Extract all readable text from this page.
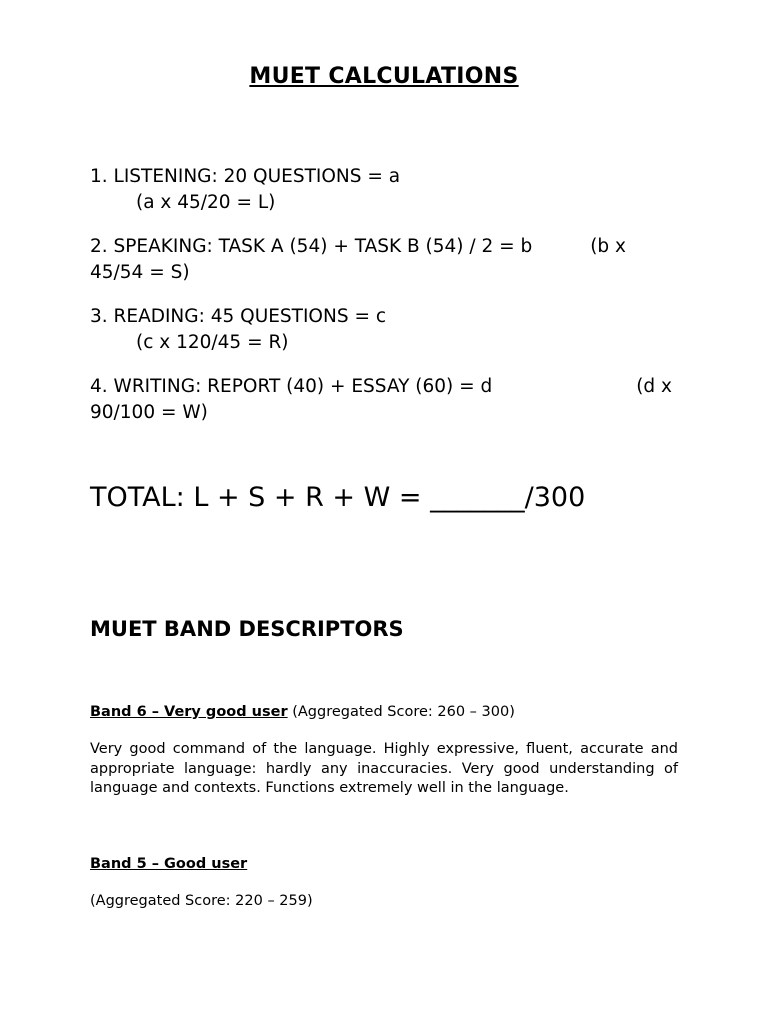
MUET CALCULATIONS
1. LISTENING: 20 QUESTIONS = a
(a x 45/20 = L)
2. SPEAKING: TASK A (54) + TASK B (54) / 2 = b	(b x
45/54 = S)
3. READING: 45 QUESTIONS = c
(c x 120/45 = R)
4. WRITING: REPORT (40) + ESSAY (60) = d	(d x
90/100 = W)
TOTAL: L + S + R + W = _______/300
MUET BAND DESCRIPTORS
Band 6 – Very good user (Aggregated Score: 260 – 300)
Very good command of the language. Highly expressive, fluent, accurate and appropriate language: hardly any inaccuracies. Very good understanding of language and contexts. Functions extremely well in the language.
Band 5 – Good user
(Aggregated Score: 220 – 259)
